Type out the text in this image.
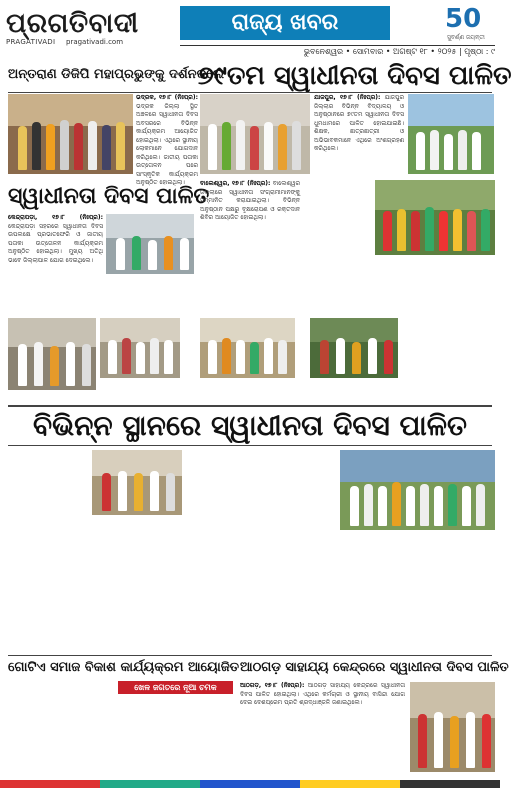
ପ୍ରଗତିବାଦୀ
PRAGATIVADI pragativadi.com
ରାଜ୍ୟ ଖବର	50
ସୁବର୍ଣ୍ଣ ଜୟନ୍ତୀ
ଭୁବନେଶ୍ୱର • ସୋମବାର • ଅଗଷ୍ଟ ୧୮ • ୨୦୨୫ | ପୃଷ୍ଠା : ୯
ଅନ୍ତରାଣ ଡିଜିପି ମହାପ୍ରଭୁଙ୍କୁ ଦର୍ଶନକଲେ
୭୯ତମ ସ୍ୱାଧୀନତା ଦିବସ ପାଳିତ
ଭଦ୍ରକ, ୧୭।୮ (ନିଃପ୍ର): ଭଦ୍ରକ ଜିଲ୍ଲା ସ୍ଥିତ ଅଞ୍ଚଳରେ ସ୍ୱାଧୀନତା ଦିବସ ଅବସରରେ ବିଭିନ୍ନ କାର୍ଯ୍ୟକ୍ରମ ଆୟୋଜିତ ହୋଇଥିଲା। ଏଥିରେ ସ୍ଥାନୀୟ ଲୋକମାନେ ଯୋଗଦାନ କରିଥିଲେ। ଜାତୀୟ ପତାକା ଉତ୍ତୋଳନ ପରେ ସାଂସ୍କୃତିକ କାର୍ଯ୍ୟକ୍ରମ ଅନୁଷ୍ଠିତ ହୋଇଥିଲା।
ଯାଜପୁର, ୧୭।୮ (ନିଃପ୍ର): ଯାଜପୁର ଜିଲ୍ଲାର ବିଭିନ୍ନ ବିଦ୍ୟାଳୟ ଓ ଅନୁଷ୍ଠାନରେ ୭୯ତମ ସ୍ୱାଧୀନତା ଦିବସ ଧୁମଧାମରେ ପାଳିତ ହୋଇଯାଇଛି। ଶିକ୍ଷକ, ଛାତ୍ରଛାତ୍ରୀ ଓ ଅଭିଭାବକମାନେ ଏଥିରେ ଅଂଶଗ୍ରହଣ କରିଥିଲେ।
ସ୍ୱାଧୀନତା ଦିବସ ପାଳିତ
କେନ୍ଦ୍ରାପଡ଼ା, ୧୭।୮ (ନିଃପ୍ର): କେନ୍ଦ୍ରାପଡ଼ା ସହରରେ ସ୍ୱାଧୀନତା ଦିବସ ଉପଲକ୍ଷେ ପ୍ରଭାତଫେରି ଓ ଜାତୀୟ ପତାକା ଉତ୍ତୋଳନ କାର୍ଯ୍ୟକ୍ରମ ଅନୁଷ୍ଠିତ ହୋଇଥିଲା। ମୁଖ୍ୟ ଅତିଥି ଭାବେ ଜିଲ୍ଲାପାଳ ଯୋଗ ଦେଇଥିଲେ।
ବାଲେଶ୍ୱର, ୧୭।୮ (ନିଃପ୍ର): ବାଲେଶ୍ୱର ଜିଲ୍ଲାରେ ସ୍ୱାଧୀନତା ସଂଗ୍ରାମୀମାନଙ୍କୁ ସମ୍ମାନିତ କରାଯାଇଥିଲା। ବିଭିନ୍ନ ଅନୁଷ୍ଠାନ ପକ୍ଷରୁ ବୃକ୍ଷରୋପଣ ଓ ରକ୍ତଦାନ ଶିବିର ଆୟୋଜିତ ହୋଇଥିଲା।
ବିଭିନ୍ନ ସ୍ଥାନରେ ସ୍ୱାଧୀନତା ଦିବସ ପାଳିତ
ଗୋଟିଏ ସମାଜ ବିକାଶ କାର୍ଯ୍ୟକ୍ରମ ଆୟୋଜିତ ଆଠଗଡ଼ ସାହାଯ୍ୟ କେନ୍ଦ୍ରରେ ସ୍ୱାଧୀନତା ଦିବସ ପାଳିତ
ଖେଳ ଜଗତରେ ନୂଆ ଚମକ	ଆଠଗଡ଼, ୧୭।୮ (ନିଃପ୍ର): ଆଠଗଡ଼ ସାହାଯ୍ୟ କେନ୍ଦ୍ରରେ ସ୍ୱାଧୀନତା ଦିବସ ପାଳିତ ହୋଇଥିଲା। ଏଥିରେ କର୍ମଚାରୀ ଓ ସ୍ଥାନୀୟ ବାସିନ୍ଦା ଯୋଗ ଦେଇ ଦେଶପ୍ରେମ ପ୍ରତି ଶ୍ରଦ୍ଧାଞ୍ଜଳି ଜଣାଇଥିଲେ।
